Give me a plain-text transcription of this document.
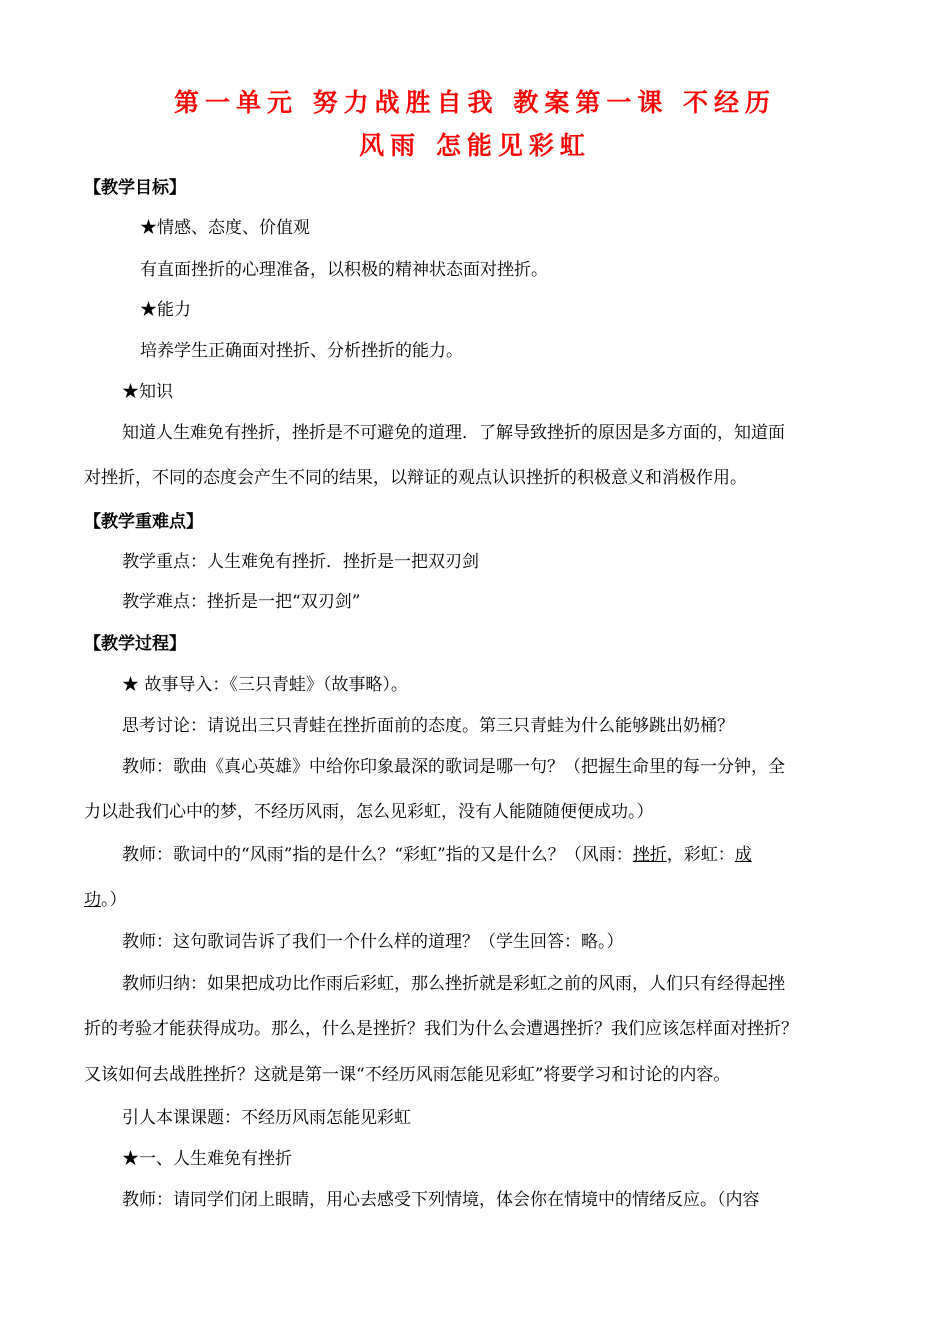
第一单元 努力战胜自我 教案第一课 不经历
风雨 怎能见彩虹
【教学目标】
★情感、态度、价值观
有直面挫折的心理准备，以积极的精神状态面对挫折。
★能力
培养学生正确面对挫折、分析挫折的能力。
★知识
知道人生难免有挫折，挫折是不可避免的道理．了解导致挫折的原因是多方面的，知道面
对挫折，不同的态度会产生不同的结果，以辩证的观点认识挫折的积极意义和消极作用。
【教学重难点】
教学重点：人生难免有挫折．挫折是一把双刃剑
教学难点：挫折是一把“双刃剑”
【教学过程】
★ 故事导入：《三只青蛙》（故事略）。
思考讨论：请说出三只青蛙在挫折面前的态度。第三只青蛙为什么能够跳出奶桶？
教师：歌曲《真心英雄》中给你印象最深的歌词是哪一句？（把握生命里的每一分钟，全
力以赴我们心中的梦，不经历风雨，怎么见彩虹，没有人能随随便便成功。）
教师：歌词中的“风雨”指的是什么？“彩虹”指的又是什么？（风雨：挫折，彩虹：成
功。）
教师：这句歌词告诉了我们一个什么样的道理？（学生回答：略。）
教师归纳：如果把成功比作雨后彩虹，那么挫折就是彩虹之前的风雨，人们只有经得起挫
折的考验才能获得成功。那么，什么是挫折？我们为什么会遭遇挫折？我们应该怎样面对挫折？
又该如何去战胜挫折？这就是第一课“不经历风雨怎能见彩虹”将要学习和讨论的内容。
引人本课课题：不经历风雨怎能见彩虹
★一、人生难免有挫折
教师：请同学们闭上眼睛，用心去感受下列情境，体会你在情境中的情绪反应。（内容
